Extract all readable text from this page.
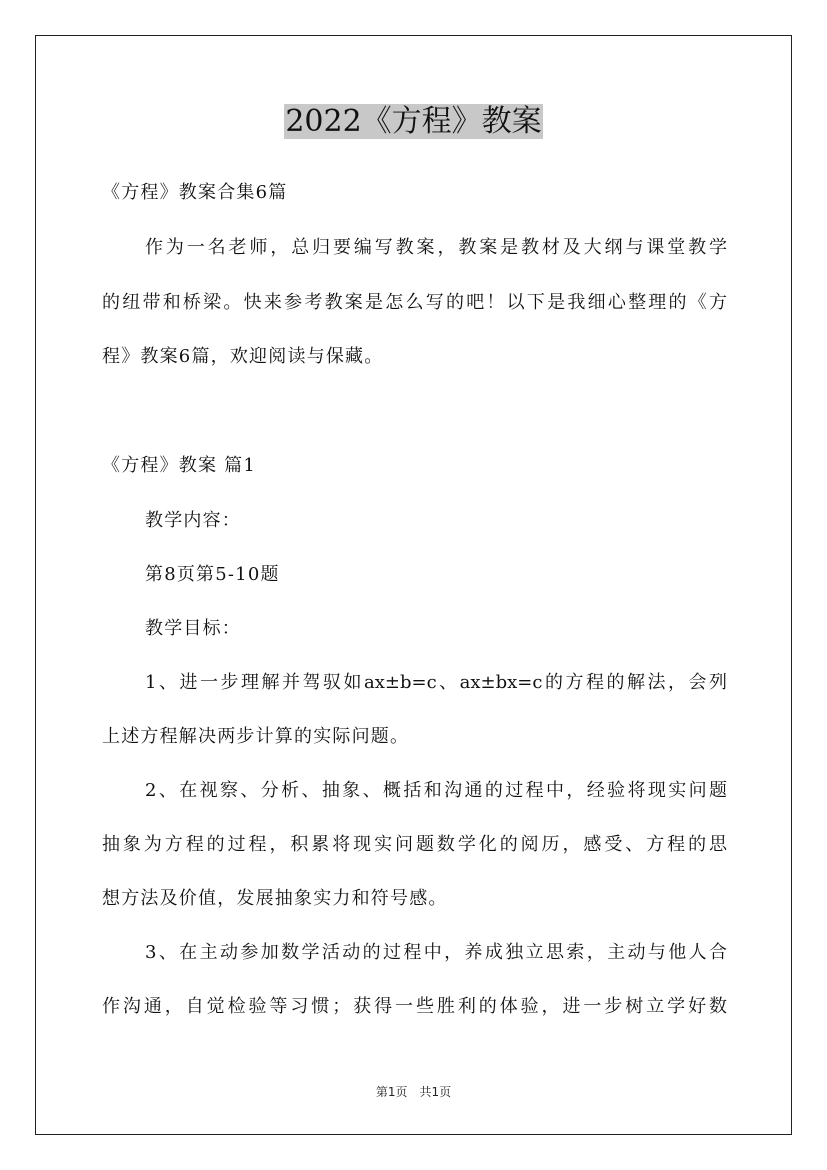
2022《方程》教案
《方程》教案合集6篇
作为一名老师，总归要编写教案，教案是教材及大纲与课堂教学
的纽带和桥梁。快来参考教案是怎么写的吧！以下是我细心整理的《方
程》教案6篇，欢迎阅读与保藏。
《方程》教案 篇1
教学内容：
第8页第5-10题
教学目标：
1、进一步理解并驾驭如ax±b=c、ax±bx=c的方程的解法，会列
上述方程解决两步计算的实际问题。
2、在视察、分析、抽象、概括和沟通的过程中，经验将现实问题
抽象为方程的过程，积累将现实问题数学化的阅历，感受、方程的思
想方法及价值，发展抽象实力和符号感。
3、在主动参加数学活动的过程中，养成独立思索，主动与他人合
作沟通，自觉检验等习惯；获得一些胜利的体验，进一步树立学好数
第1页　共1页
